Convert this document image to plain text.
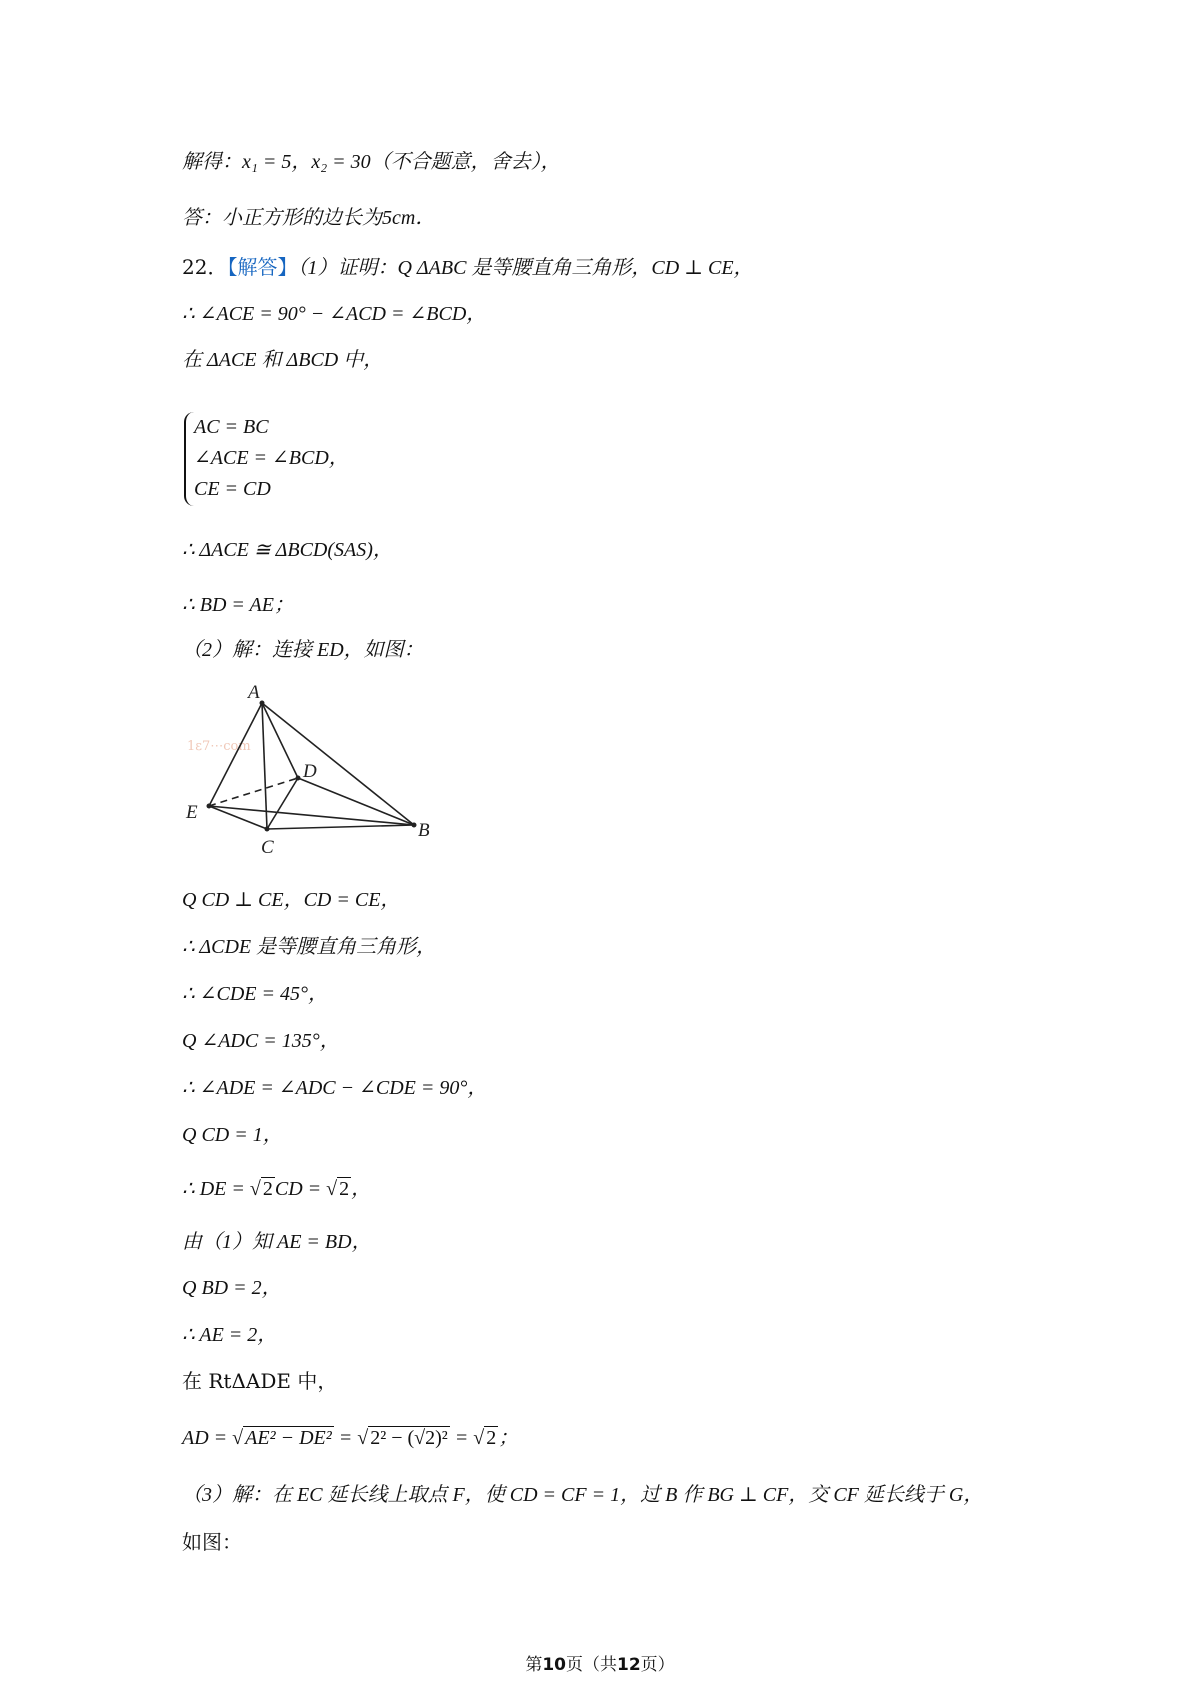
解得：x₁ = 5，x₂ = 30（不合题意，舍去），
答：小正方形的边长为5cm．
22．【解答】（1）证明：Q ΔABC 是等腰直角三角形，CD ⊥ CE，
∴ ∠ACE = 90° − ∠ACD = ∠BCD，
在 ΔACE 和 ΔBCD 中，
AC = BC
∠ACE = ∠BCD，
CE = CD
∴ ΔACE ≅ ΔBCD(SAS)，
∴ BD = AE；
（2）解：连接 ED，如图：
1ε7⋯com
A
E
C
D
B
Q CD ⊥ CE，CD = CE，
∴ ΔCDE 是等腰直角三角形，
∴ ∠CDE = 45°，
Q ∠ADC = 135°，
∴ ∠ADE = ∠ADC − ∠CDE = 90°，
Q CD = 1，
∴ DE = √ 2 CD = √ 2 ，
由（1）知 AE = BD，
Q BD = 2，
∴ AE = 2，
在 RtΔADE 中，
AD = √ AE² − DE² = √ 2² − (√2)² = √ 2 ；
（3）解：在 EC 延长线上取点 F，使 CD = CF = 1，过 B 作 BG ⊥ CF，交 CF 延长线于 G，
如图：
第10页（共12页）
